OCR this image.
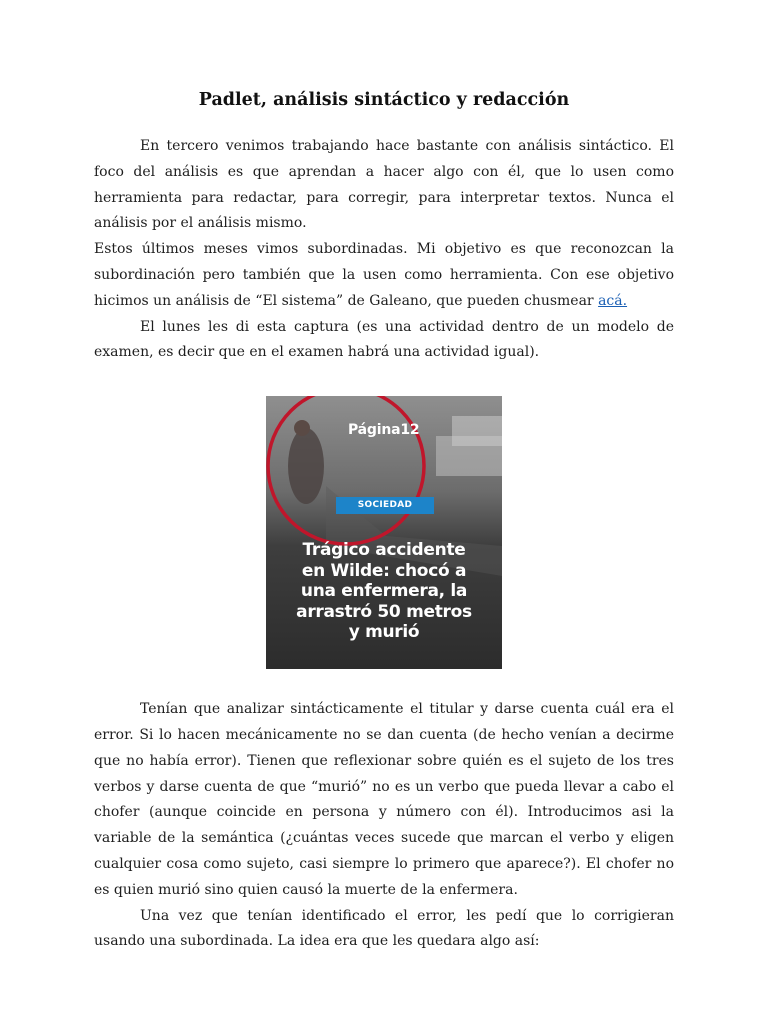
Padlet, análisis sintáctico y redacción

En tercero venimos trabajando hace bastante con análisis sintáctico. El foco del análisis es que aprendan a hacer algo con él, que lo usen como herramienta para redactar, para corregir, para interpretar textos. Nunca el análisis por el análisis mismo.

Estos últimos meses vimos subordinadas. Mi objetivo es que reconozcan la subordinación pero también que la usen como herramienta. Con ese objetivo hicimos un análisis de “El sistema” de Galeano, que pueden chusmear acá.

El lunes les di esta captura (es una actividad dentro de un modelo de examen, es decir que en el examen habrá una actividad igual).

Página12
SOCIEDAD
Trágico accidente
en Wilde: chocó a
una enfermera, la
arrastró 50 metros
y murió

Tenían que analizar sintácticamente el titular y darse cuenta cuál era el error. Si lo hacen mecánicamente no se dan cuenta (de hecho venían a decirme que no había error). Tienen que reflexionar sobre quién es el sujeto de los tres verbos y darse cuenta de que “murió” no es un verbo que pueda llevar a cabo el chofer (aunque coincide en persona y número con él). Introducimos asi la variable de la semántica (¿cuántas veces sucede que marcan el verbo y eligen cualquier cosa como sujeto, casi siempre lo primero que aparece?). El chofer no es quien murió sino quien causó la muerte de la enfermera.

Una vez que tenían identificado el error, les pedí que lo corrigieran usando una subordinada. La idea era que les quedara algo así:
